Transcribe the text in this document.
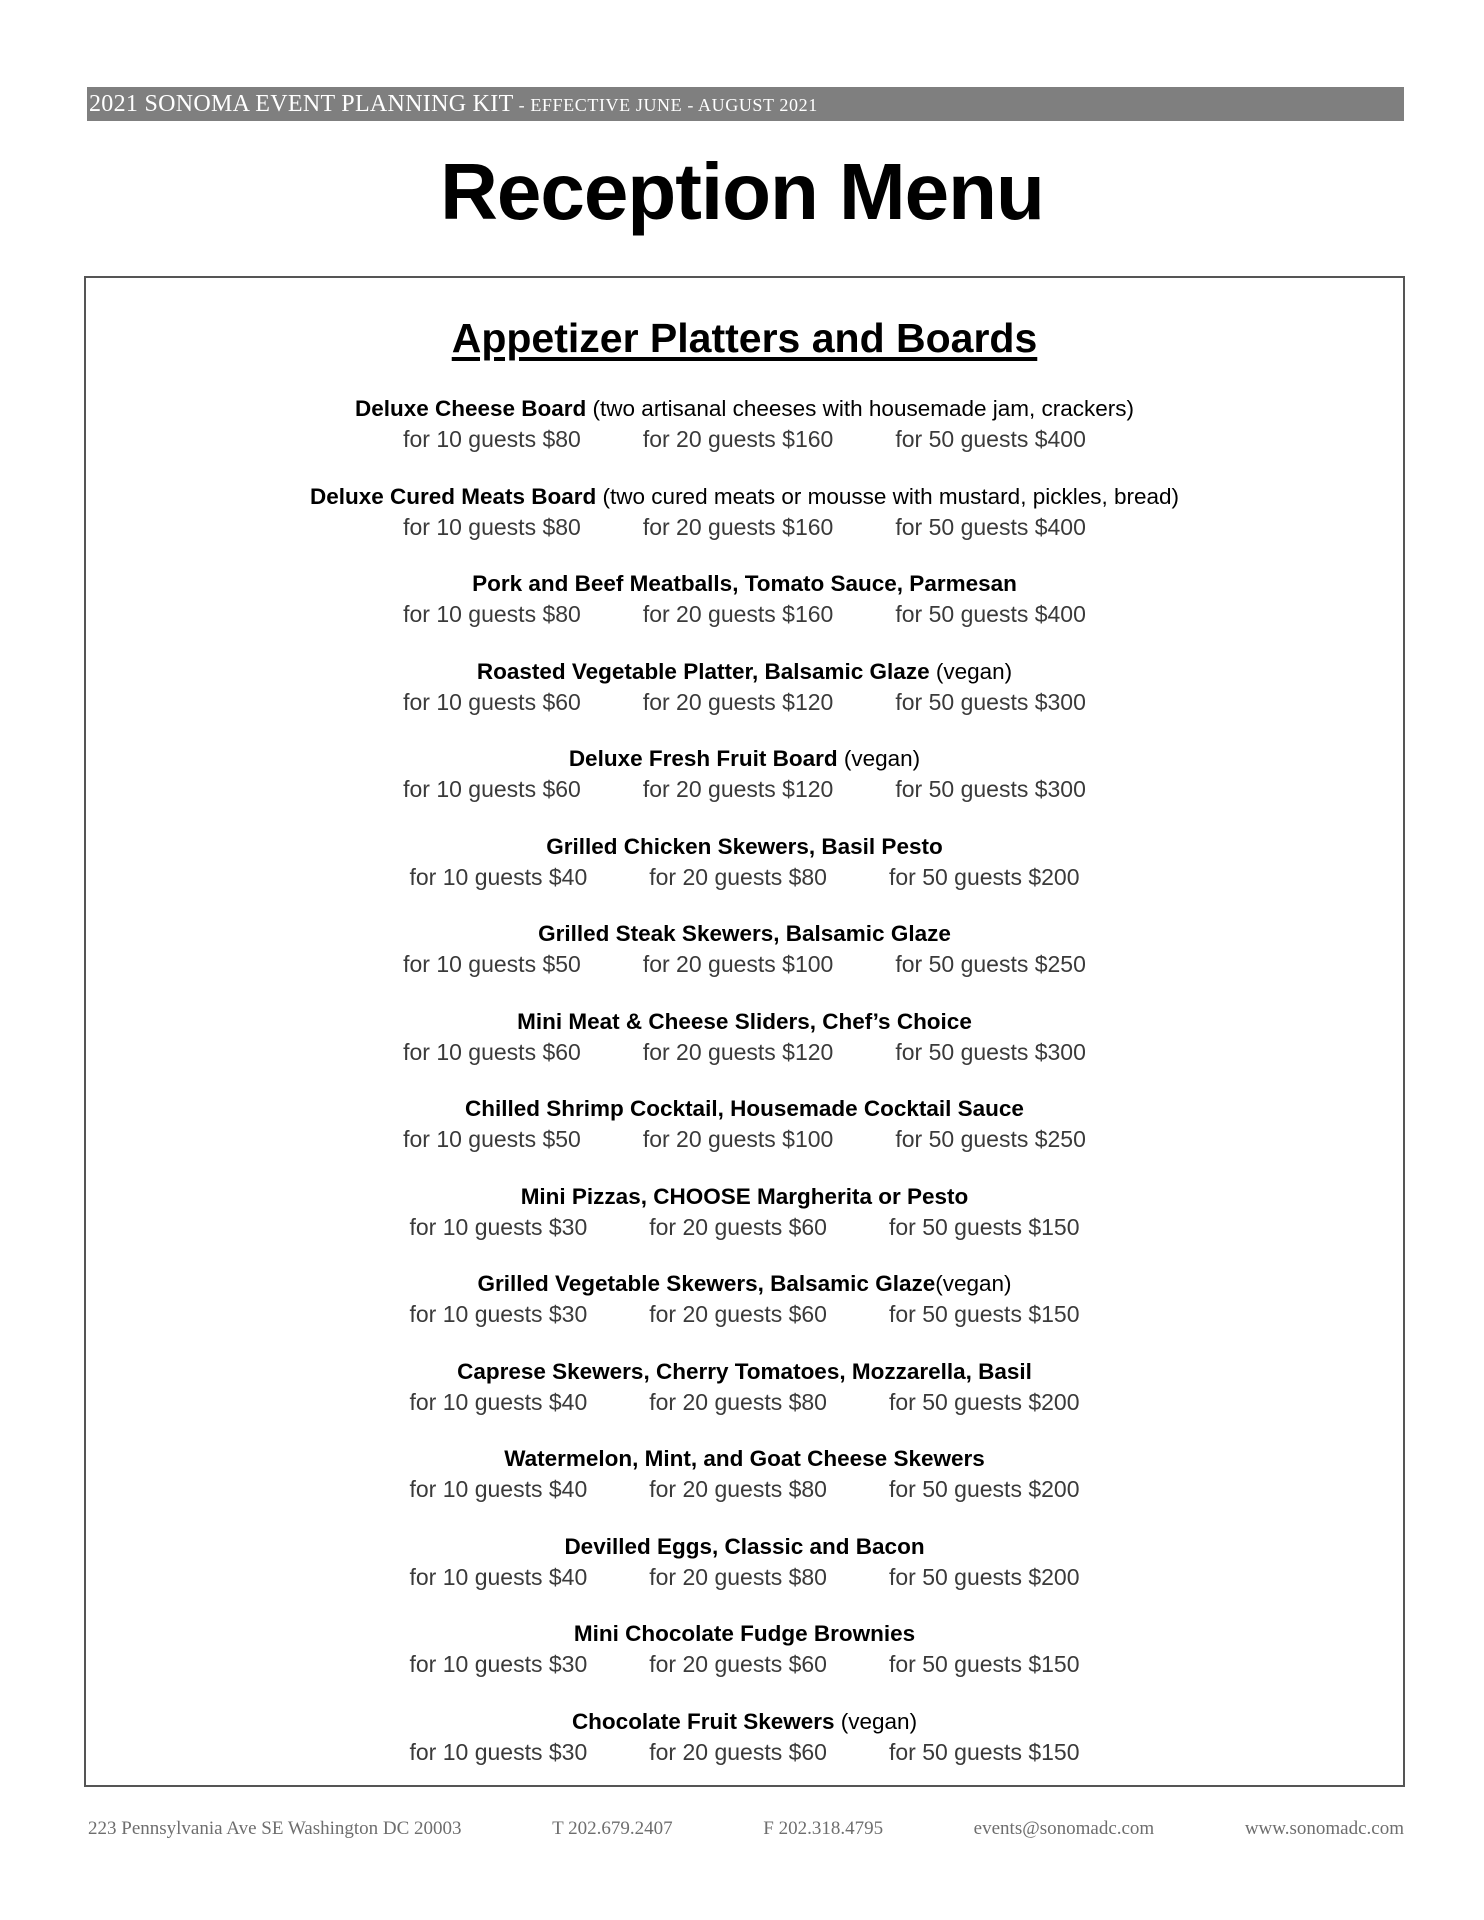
2021 SONOMA EVENT PLANNING KIT - EFFECTIVE JUNE - AUGUST 2021
Reception Menu
Appetizer Platters and Boards
Deluxe Cheese Board (two artisanal cheeses with housemade jam, crackers)
for 10 guests $80	for 20 guests $160	for 50 guests $400
Deluxe Cured Meats Board (two cured meats or mousse with mustard, pickles, bread)
for 10 guests $80	for 20 guests $160	for 50 guests $400
Pork and Beef Meatballs, Tomato Sauce, Parmesan
for 10 guests $80	for 20 guests $160	for 50 guests $400
Roasted Vegetable Platter, Balsamic Glaze (vegan)
for 10 guests $60	for 20 guests $120	for 50 guests $300
Deluxe Fresh Fruit Board (vegan)
for 10 guests $60	for 20 guests $120	for 50 guests $300
Grilled Chicken Skewers, Basil Pesto
for 10 guests $40	for 20 guests $80	for 50 guests $200
Grilled Steak Skewers, Balsamic Glaze
for 10 guests $50	for 20 guests $100	for 50 guests $250
Mini Meat & Cheese Sliders, Chef’s Choice
for 10 guests $60	for 20 guests $120	for 50 guests $300
Chilled Shrimp Cocktail, Housemade Cocktail Sauce
for 10 guests $50	for 20 guests $100	for 50 guests $250
Mini Pizzas, CHOOSE Margherita or Pesto
for 10 guests $30	for 20 guests $60	for 50 guests $150
Grilled Vegetable Skewers, Balsamic Glaze(vegan)
for 10 guests $30	for 20 guests $60	for 50 guests $150
Caprese Skewers, Cherry Tomatoes, Mozzarella, Basil
for 10 guests $40	for 20 guests $80	for 50 guests $200
Watermelon, Mint, and Goat Cheese Skewers
for 10 guests $40	for 20 guests $80	for 50 guests $200
Devilled Eggs, Classic and Bacon
for 10 guests $40	for 20 guests $80	for 50 guests $200
Mini Chocolate Fudge Brownies
for 10 guests $30	for 20 guests $60	for 50 guests $150
Chocolate Fruit Skewers (vegan)
for 10 guests $30	for 20 guests $60	for 50 guests $150
223 Pennsylvania Ave SE Washington DC 20003	T 202.679.2407	F 202.318.4795	events@sonomadc.com	www.sonomadc.com
